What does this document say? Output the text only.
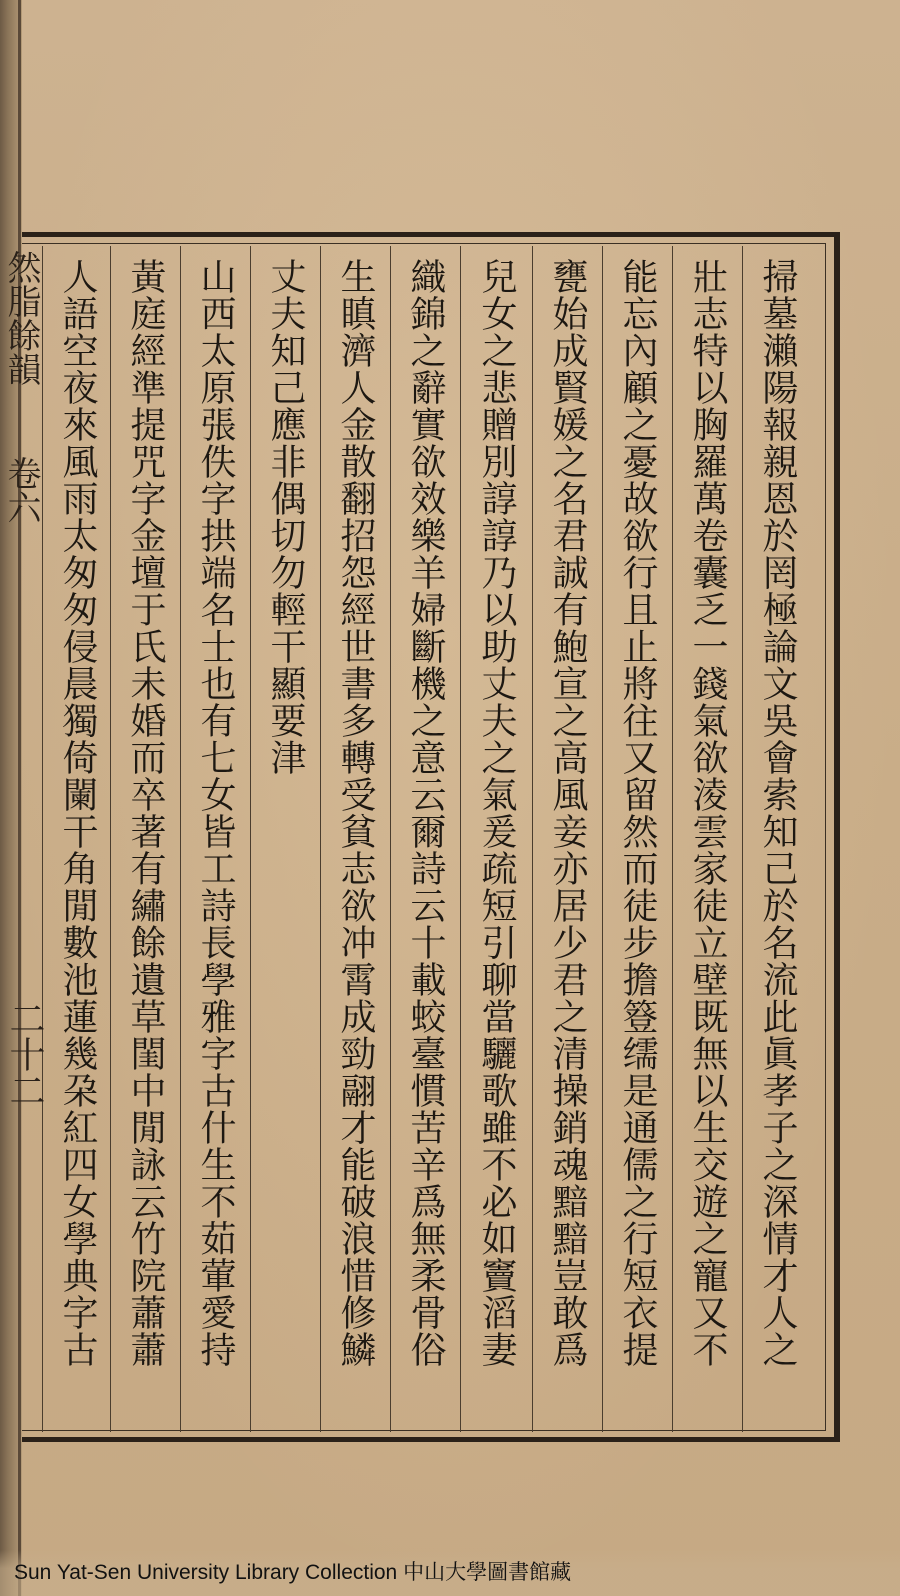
掃墓瀨陽報親恩於罔極論文吳會索知己於名流此眞孝子之深情才人之
壯志特以胸羅萬卷囊乏一錢氣欲淩雲家徒立壁既無以生交遊之寵又不
能忘內顧之憂故欲行且止將往又留然而徒步擔簦𦈡是通儒之行短衣提
甕始成賢媛之名君誠有鮑宣之高風妾亦居少君之清操銷魂黯黯豈敢爲
兒女之悲贈別諄諄乃以助丈夫之氣爰疏短引聊當驪歌雖不必如竇滔妻
織錦之辭實欲效樂羊婦斷機之意云爾詩云十載蛟臺慣苦辛爲無柔骨俗
生瞋濟人金散翻招怨經世書多轉受貧志欲冲霄成勁翮才能破浪惜修鱗
丈夫知己應非偶切勿輕干顯要津
山西太原張佚字拱端名士也有七女皆工詩長學雅字古什生不茹葷愛持
黃庭經準提咒字金壇于氏未婚而卒著有繡餘遺草閨中閒詠云竹院蕭蕭
人語空夜來風雨太匆匆侵晨獨倚闌干角閒數池蓮幾朶紅四女學典字古
然脂餘韻卷六
二十二
Sun Yat-Sen University Library Collection 中山大學圖書館藏
